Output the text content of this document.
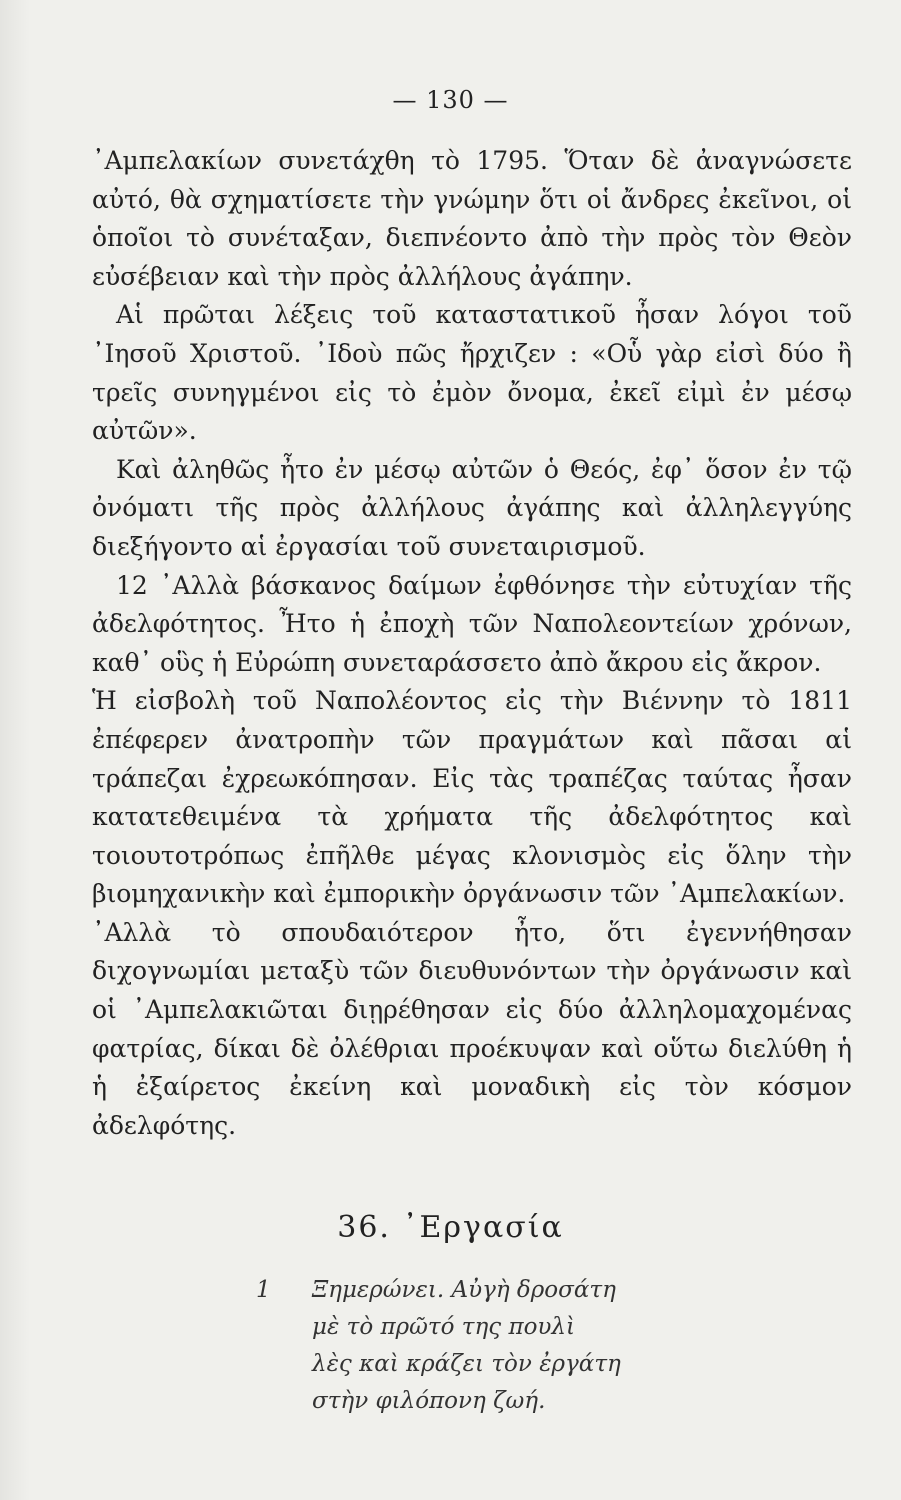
— 130 —

᾿Αμπελακίων συνετάχθη τὸ 1795. Ὅταν δὲ ἀναγνώσετε αὐτό, θὰ σχηματίσετε τὴν γνώμην ὅτι οἱ ἄνδρες ἐκεῖνοι, οἱ ὁποῖοι τὸ συνέταξαν, διεπνέοντο ἀπὸ τὴν πρὸς τὸν Θεὸν εὐσέβειαν καὶ τὴν πρὸς ἀλλήλους ἀγάπην.

Αἱ πρῶται λέξεις τοῦ καταστατικοῦ ἦσαν λόγοι τοῦ ᾿Ιησοῦ Χριστοῦ. ᾿Ιδοὺ πῶς ἤρχιζεν : «Οὗ γὰρ εἰσὶ δύο ἢ τρεῖς συνηγμένοι εἰς τὸ ἐμὸν ὄνομα, ἐκεῖ εἰμὶ ἐν μέσῳ αὐτῶν».

Καὶ ἀληθῶς ἦτο ἐν μέσῳ αὐτῶν ὁ Θεός, ἐφ᾿ ὅσον ἐν τῷ ὀνόματι τῆς πρὸς ἀλλήλους ἀγάπης καὶ ἀλληλεγγύης διεξήγοντο αἱ ἐργασίαι τοῦ συνεταιρισμοῦ.

12 ᾿Αλλὰ βάσκανος δαίμων ἐφθόνησε τὴν εὐτυχίαν τῆς ἀδελφότητος. Ἦτο ἡ ἐποχὴ τῶν Ναπολεοντείων χρόνων, καθ᾿ οὓς ἡ Εὐρώπη συνεταράσσετο ἀπὸ ἄκρου εἰς ἄκρον.

Ἡ εἰσβολὴ τοῦ Ναπολέοντος εἰς τὴν Βιέννην τὸ 1811 ἐπέφερεν ἀνατροπὴν τῶν πραγμάτων καὶ πᾶσαι αἱ τράπεζαι ἐχρεωκόπησαν. Εἰς τὰς τραπέζας ταύτας ἦσαν κατατεθειμένα τὰ χρήματα τῆς ἀδελφότητος καὶ τοιουτοτρόπως ἐπῆλθε μέγας κλονισμὸς εἰς ὅλην τὴν βιομηχανικὴν καὶ ἐμπορικὴν ὀργάνωσιν τῶν ᾿Αμπελακίων.

᾿Αλλὰ τὸ σπουδαιότερον ἦτο, ὅτι ἐγεννήθησαν διχογνωμίαι μεταξὺ τῶν διευθυνόντων τὴν ὀργάνωσιν καὶ οἱ ᾿Αμπελακιῶται διῃρέθησαν εἰς δύο ἀλληλομαχομένας φατρίας, δίκαι δὲ ὀλέθριαι προέκυψαν καὶ οὕτω διελύθη ἡ ἡ ἐξαίρετος ἐκείνη καὶ μοναδικὴ εἰς τὸν κόσμον ἀδελφότης.

36. ᾿Εργασία
1 Ξημερώνει. Αὐγὴ δροσάτη
μὲ τὸ πρῶτό της πουλὶ
λὲς καὶ κράζει τὸν ἐργάτη
στὴν φιλόπονη ζωή.
